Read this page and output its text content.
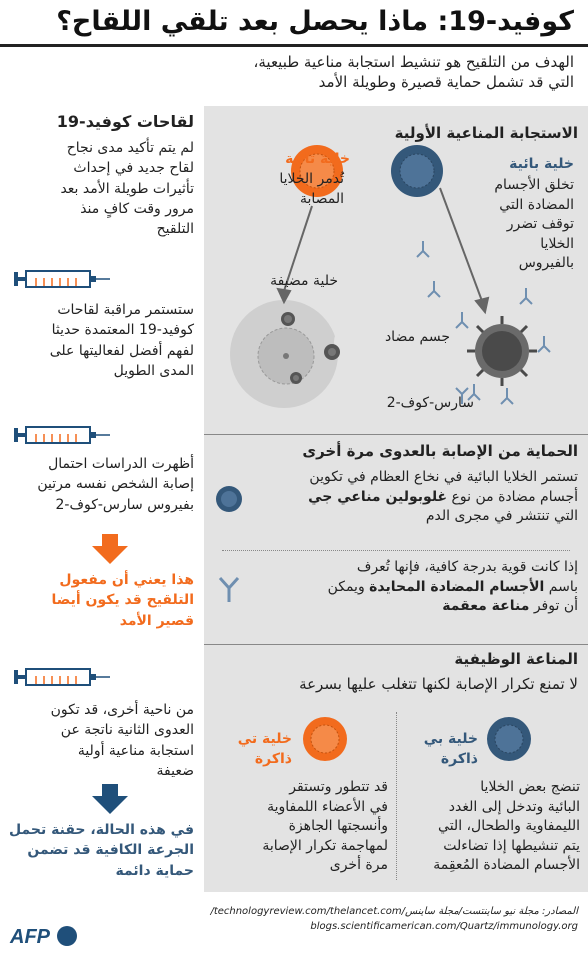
كوفيد-19: ماذا يحصل بعد تلقي اللقاح؟
الهدف من التلقيح هو تنشيط استجابة مناعية طبيعية،
التي قد تشمل حماية قصيرة وطويلة الأمد
الاستجابة المناعية الأولية
خلية بائية
تخلق الأجسام
المضادة التي
توقف تضرر
الخلايا
بالفيروس
خلية تائية
تُدمر الخلايا
المصابة
خلية مضيفة
جسم مضاد
سارس-كوف-2
الحماية من الإصابة بالعدوى مرة أخرى
تستمر الخلايا البائية في نخاع العظام في تكوين
أجسام مضادة من نوع غلوبولين مناعي جي
التي تنتشر في مجرى الدم
إذا كانت قوية بدرجة كافية، فإنها تُعرف
باسم الأجسام المضادة المحايدة ويمكن
أن توفر مناعة معقمة
المناعة الوظيفية
لا تمنع تكرار الإصابة لكنها تتغلب عليها بسرعة
خلية بي ذاكرة
تنضج بعض الخلايا
البائية وتدخل إلى الغدد
الليمفاوية والطحال، التي
يتم تنشيطها إذا تضاءلت
الأجسام المضادة المُعقِمة
خلية تي ذاكرة
قد تتطور وتستقر
في الأعضاء اللمفاوية
وأنسجتها الجاهزة
لمهاجمة تكرار الإصابة
مرة أخرى
لقاحات كوفيد-19
لم يتم تأكيد مدى نجاح
لقاح جديد في إحداث
تأثيرات طويلة الأمد بعد
مرور وقت كافٍ منذ
التلقيح
ستستمر مراقبة لقاحات
كوفيد-19 المعتمدة حديثا
لفهم أفضل لفعاليتها على
المدى الطويل
أظهرت الدراسات احتمال
إصابة الشخص نفسه مرتين
بفيروس سارس-كوف-2
هذا يعني أن مفعول
التلقيح قد يكون أيضا
قصير الأمد
من ناحية أخرى، قد تكون
العدوى الثانية ناتجة عن
استجابة مناعية أولية
ضعيفة
في هذه الحالة، حقنة تحمل
الجرعة الكافية قد تضمن
حماية دائمة
المصادر: مجلة نيو ساينتست/مجلة ساينس/technologyreview.com/thelancet.com/
blogs.scientificamerican.com/Quartz/immunology.org
AFP
